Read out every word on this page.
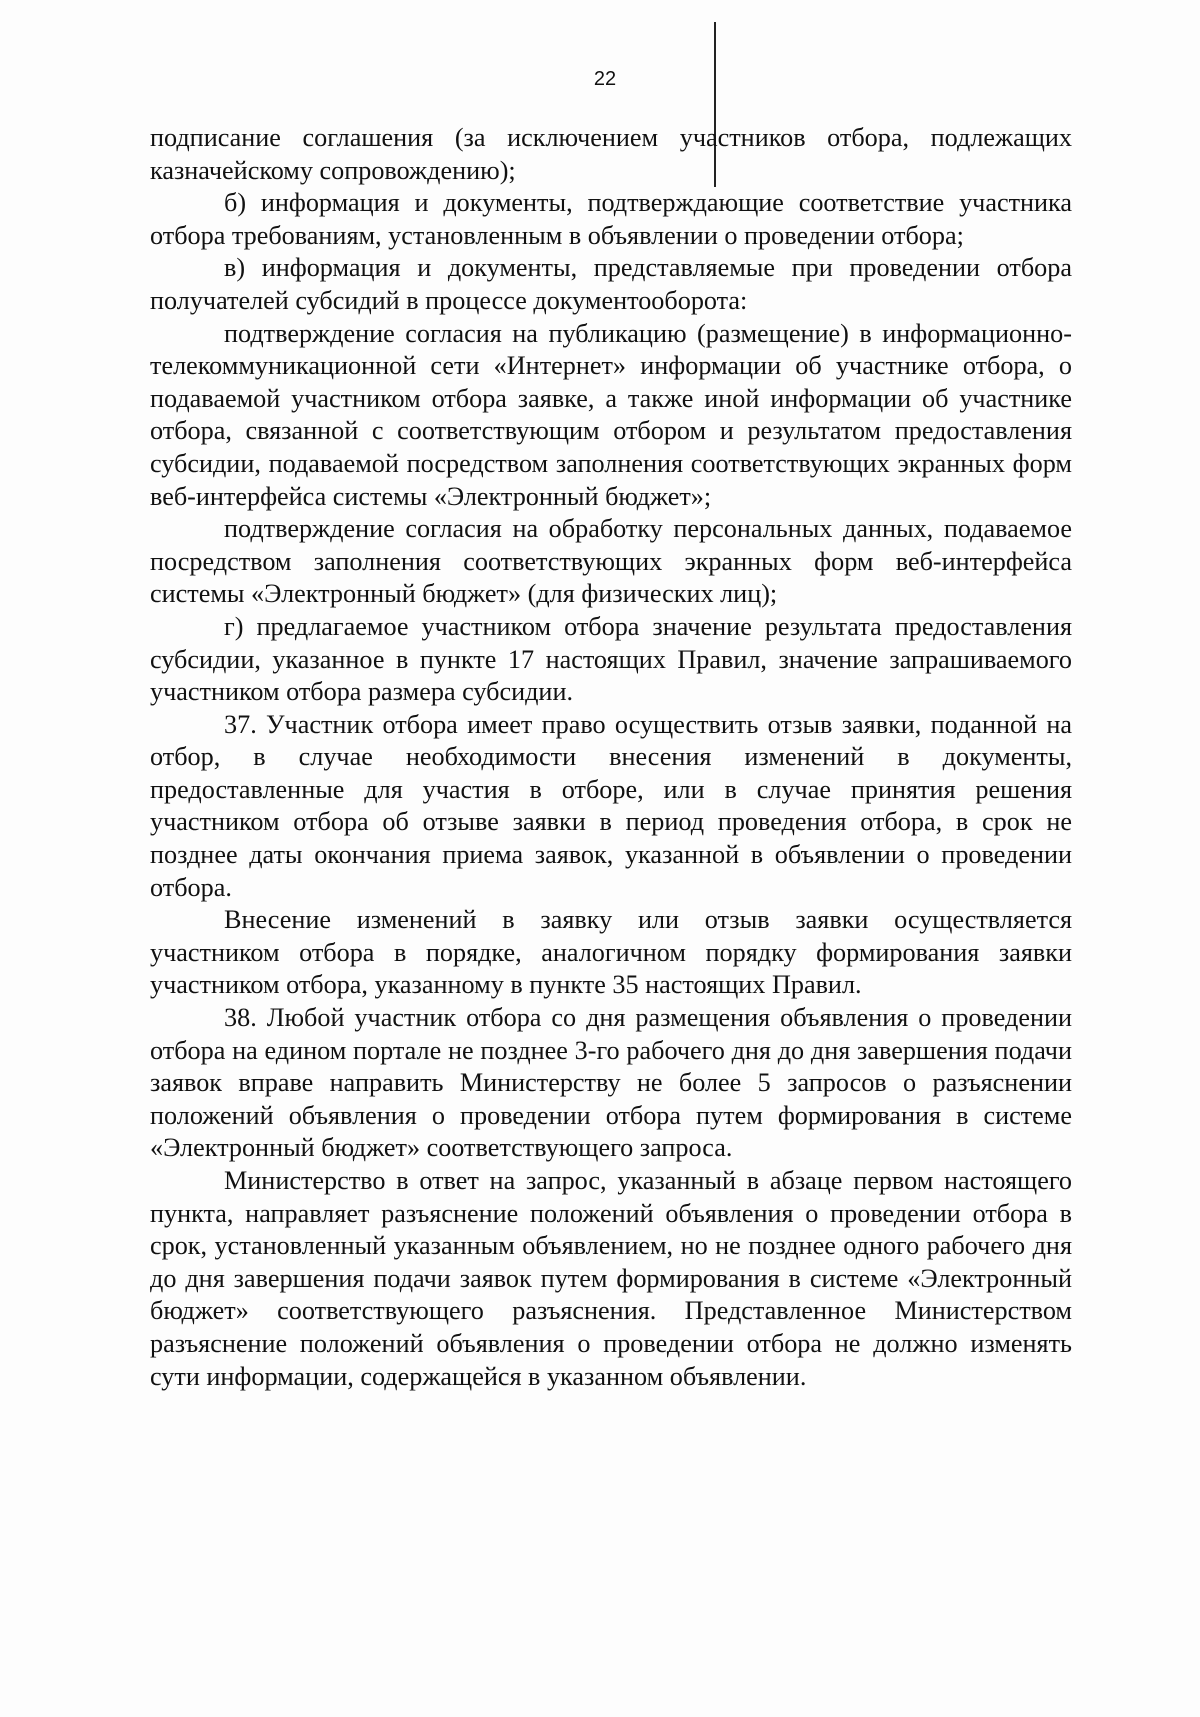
22

подписание соглашения (за исключением участников отбора, подлежащих казначейскому сопровождению);

б) информация и документы, подтверждающие соответствие участника отбора требованиям, установленным в объявлении о проведении отбора;

в) информация и документы, представляемые при проведении отбора получателей субсидий в процессе документооборота:

подтверждение согласия на публикацию (размещение) в информационно-телекоммуникационной сети «Интернет» информации об участнике отбора, о подаваемой участником отбора заявке, а также иной информации об участнике отбора, связанной с соответствующим отбором и результатом предоставления субсидии, подаваемой посредством заполнения соответствующих экранных форм веб-интерфейса системы «Электронный бюджет»;

подтверждение согласия на обработку персональных данных, подаваемое посредством заполнения соответствующих экранных форм веб-интерфейса системы «Электронный бюджет» (для физических лиц);

г) предлагаемое участником отбора значение результата предоставления субсидии, указанное в пункте 17 настоящих Правил, значение запрашиваемого участником отбора размера субсидии.

37. Участник отбора имеет право осуществить отзыв заявки, поданной на отбор, в случае необходимости внесения изменений в документы, предоставленные для участия в отборе, или в случае принятия решения участником отбора об отзыве заявки в период проведения отбора, в срок не позднее даты окончания приема заявок, указанной в объявлении о проведении отбора.

Внесение изменений в заявку или отзыв заявки осуществляется участником отбора в порядке, аналогичном порядку формирования заявки участником отбора, указанному в пункте 35 настоящих Правил.

38. Любой участник отбора со дня размещения объявления о проведении отбора на едином портале не позднее 3-го рабочего дня до дня завершения подачи заявок вправе направить Министерству не более 5 запросов о разъяснении положений объявления о проведении отбора путем формирования в системе «Электронный бюджет» соответствующего запроса.

Министерство в ответ на запрос, указанный в абзаце первом настоящего пункта, направляет разъяснение положений объявления о проведении отбора в срок, установленный указанным объявлением, но не позднее одного рабочего дня до дня завершения подачи заявок путем формирования в системе «Электронный бюджет» соответствующего разъяснения. Представленное Министерством разъяснение положений объявления о проведении отбора не должно изменять сути информации, содержащейся в указанном объявлении.
